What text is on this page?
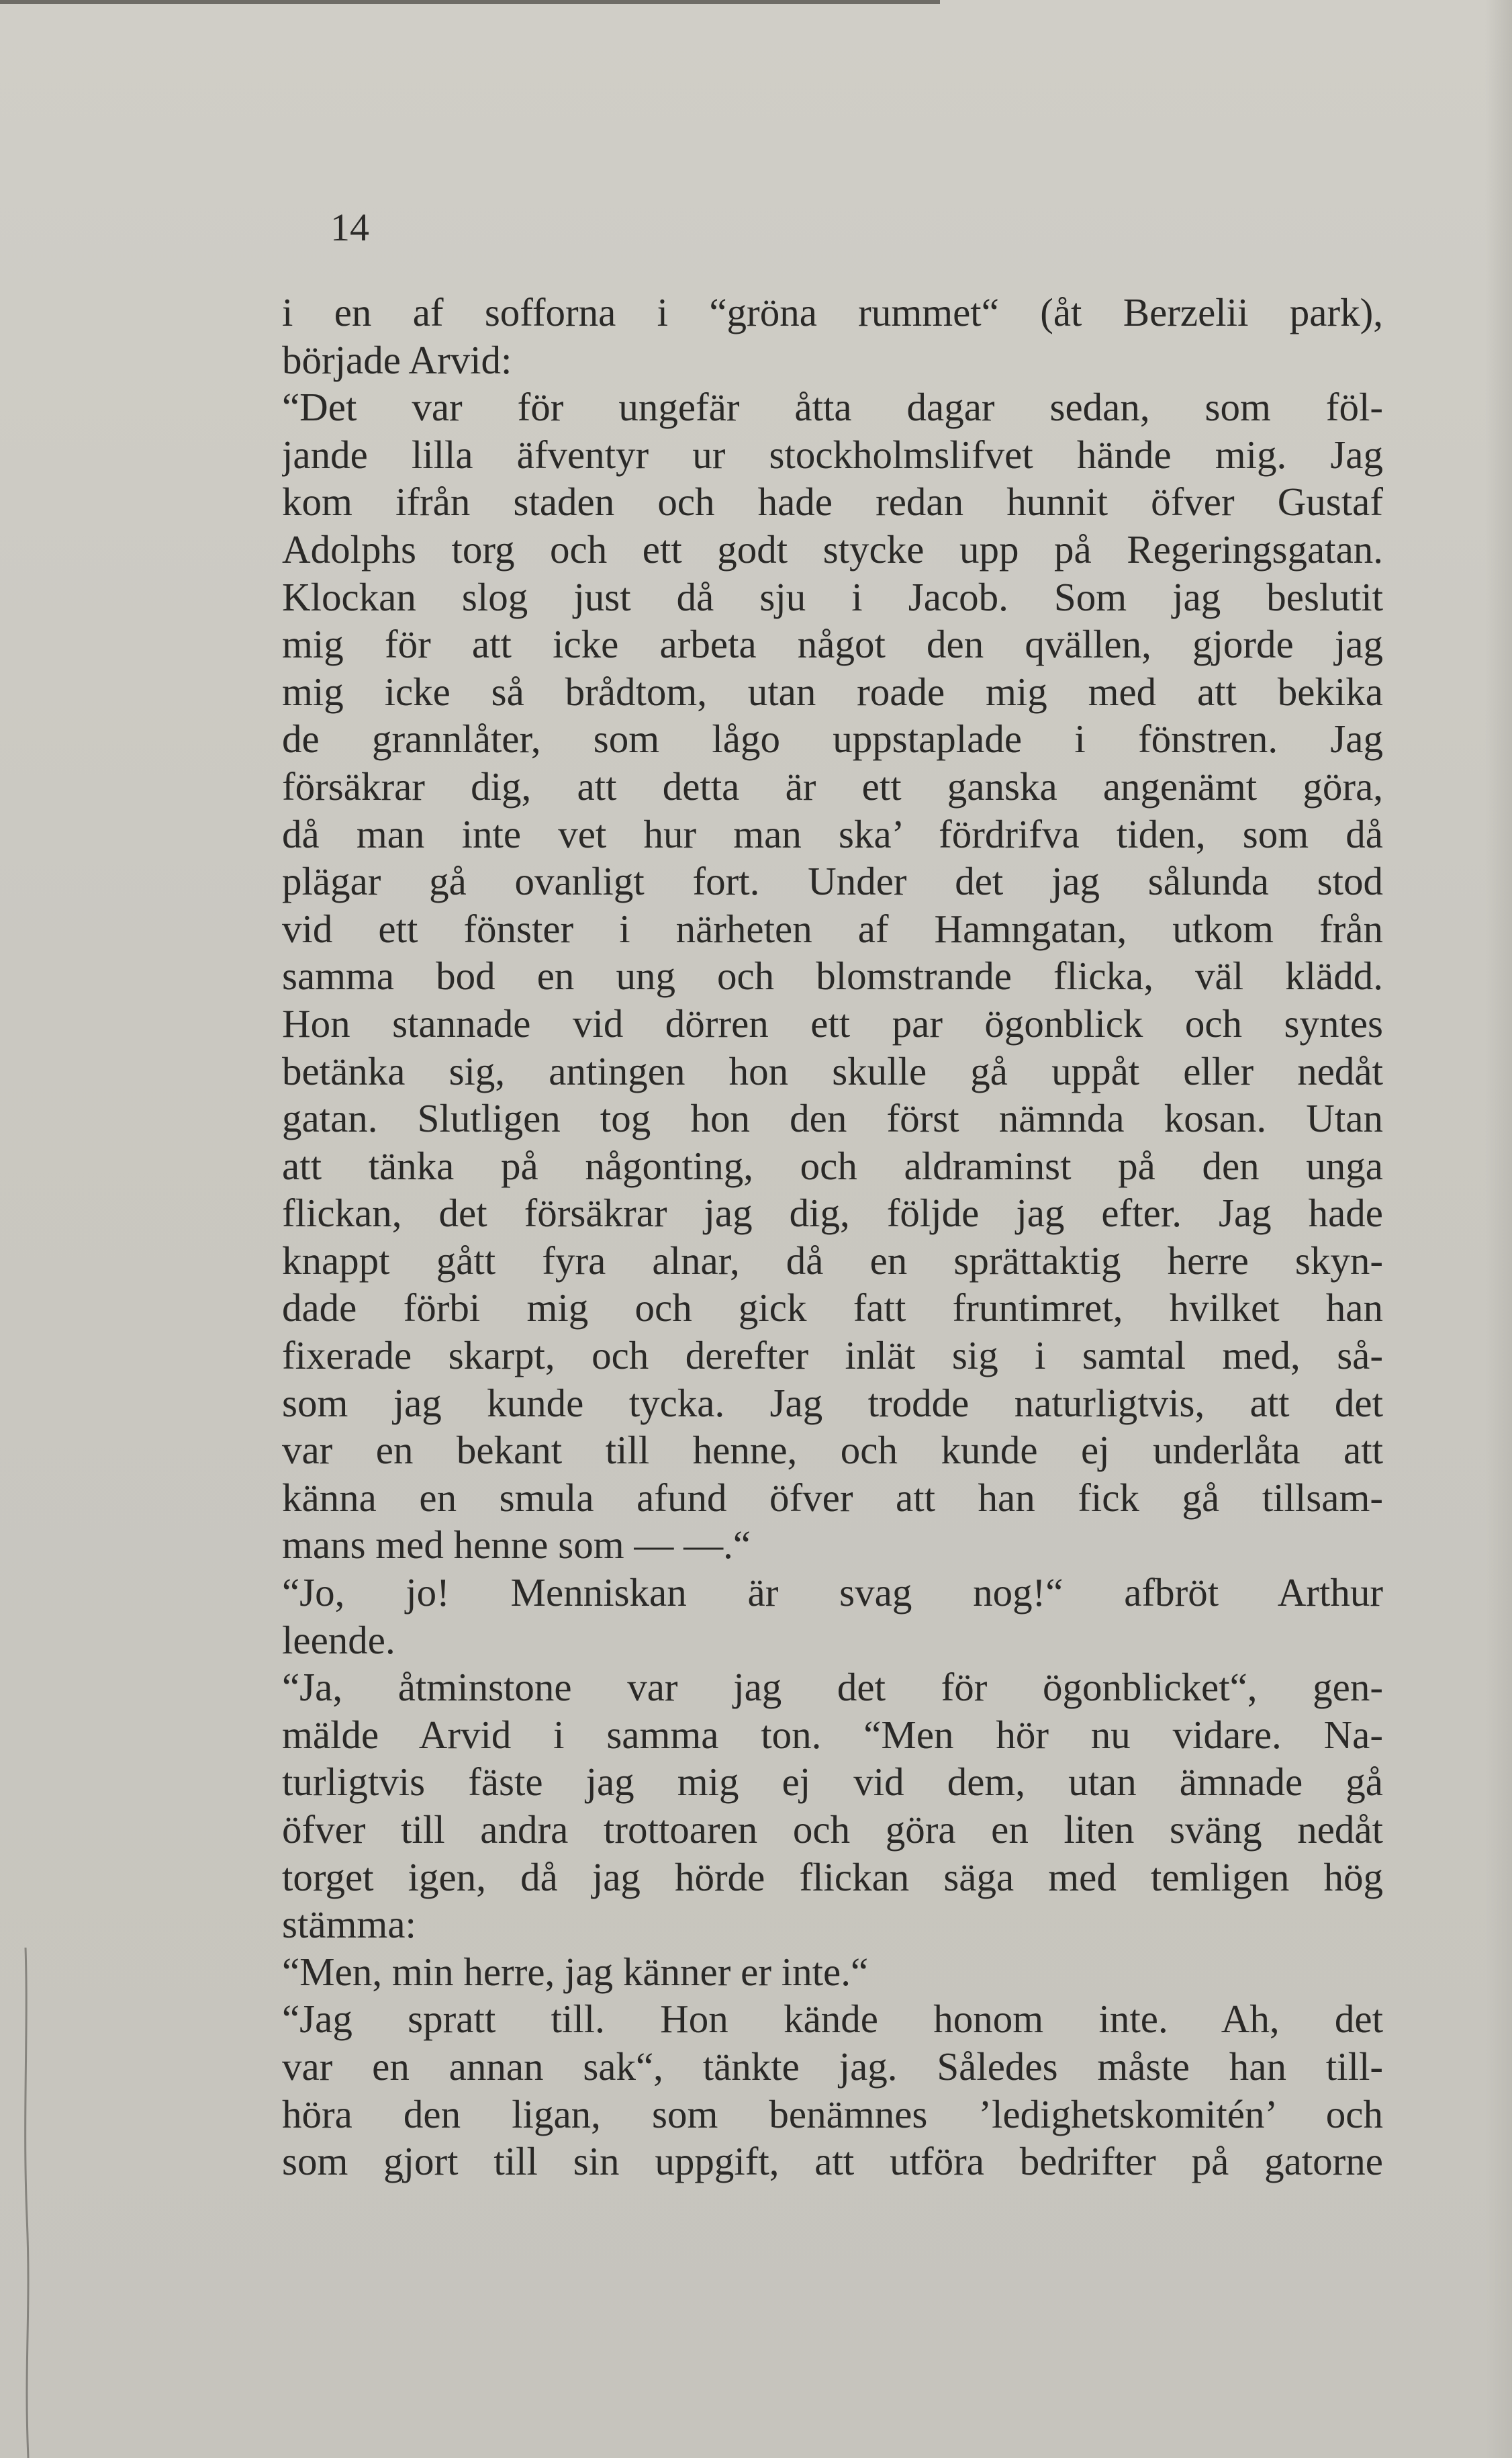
14
i en af sofforna i “gröna rummet“ (åt Berzelii park),
började Arvid:
“Det var för ungefär åtta dagar sedan, som föl-
jande lilla äfventyr ur stockholmslifvet hände mig. Jag
kom ifrån staden och hade redan hunnit öfver Gustaf
Adolphs torg och ett godt stycke upp på Regeringsgatan.
Klockan slog just då sju i Jacob. Som jag beslutit
mig för att icke arbeta något den qvällen, gjorde jag
mig icke så brådtom, utan roade mig med att bekika
de grannlåter, som lågo uppstaplade i fönstren. Jag
försäkrar dig, att detta är ett ganska angenämt göra,
då man inte vet hur man ska’ fördrifva tiden, som då
plägar gå ovanligt fort. Under det jag sålunda stod
vid ett fönster i närheten af Hamngatan, utkom från
samma bod en ung och blomstrande flicka, väl klädd.
Hon stannade vid dörren ett par ögonblick och syntes
betänka sig, antingen hon skulle gå uppåt eller nedåt
gatan. Slutligen tog hon den först nämnda kosan. Utan
att tänka på någonting, och aldraminst på den unga
flickan, det försäkrar jag dig, följde jag efter. Jag hade
knappt gått fyra alnar, då en sprättaktig herre skyn-
dade förbi mig och gick fatt fruntimret, hvilket han
fixerade skarpt, och derefter inlät sig i samtal med, så-
som jag kunde tycka. Jag trodde naturligtvis, att det
var en bekant till henne, och kunde ej underlåta att
känna en smula afund öfver att han fick gå tillsam-
mans med henne som — —.“
“Jo, jo! Menniskan är svag nog!“ afbröt Arthur
leende.
“Ja, åtminstone var jag det för ögonblicket“, gen-
mälde Arvid i samma ton. “Men hör nu vidare. Na-
turligtvis fäste jag mig ej vid dem, utan ämnade gå
öfver till andra trottoaren och göra en liten sväng nedåt
torget igen, då jag hörde flickan säga med temligen hög
stämma:
“Men, min herre, jag känner er inte.“
“Jag spratt till. Hon kände honom inte. Ah, det
var en annan sak“, tänkte jag. Således måste han till-
höra den ligan, som benämnes ’ledighetskomitén’ och
som gjort till sin uppgift, att utföra bedrifter på gatorne
